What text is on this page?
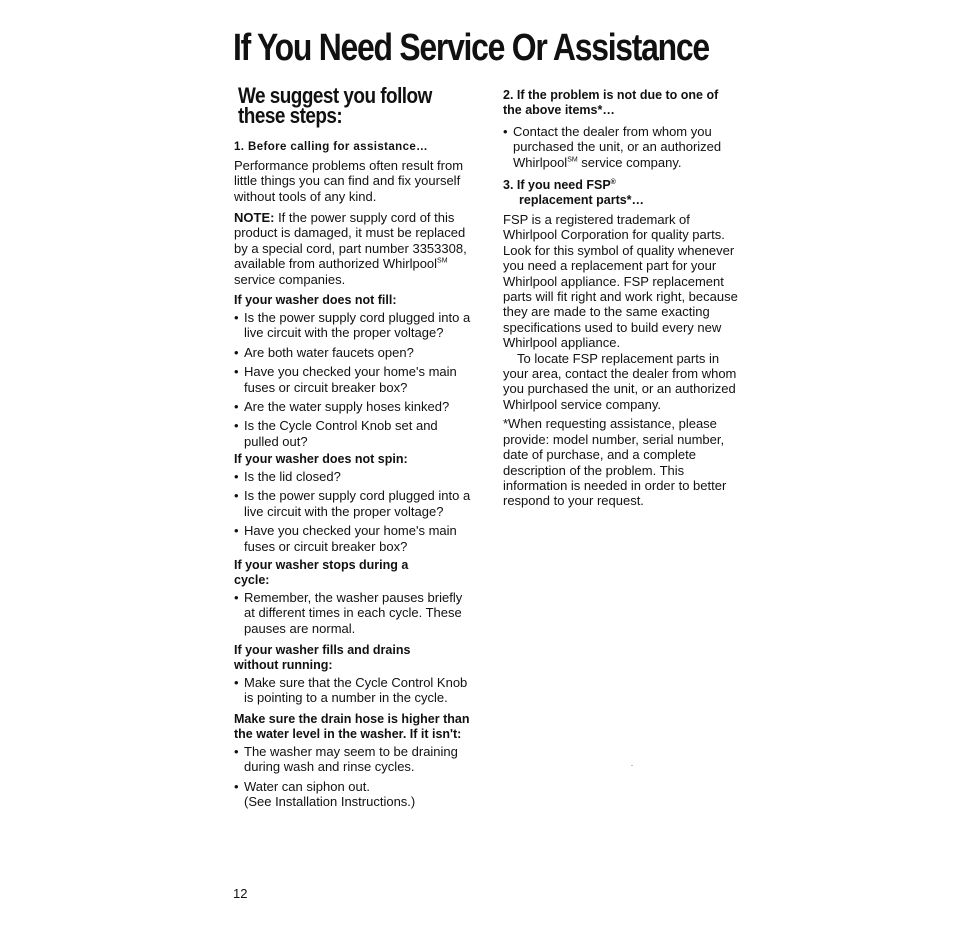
If You Need Service Or Assistance
We suggest you follow these steps:

1. Before calling for assistance…

Performance problems often result from little things you can find and fix yourself without tools of any kind.

NOTE: If the power supply cord of this product is damaged, it must be replaced by a special cord, part number 3353308, available from authorized Whirlpool℠ service companies.

If your washer does not fill:

• Is the power supply cord plugged into a live circuit with the proper voltage?
• Are both water faucets open?
• Have you checked your home's main fuses or circuit breaker box?
• Are the water supply hoses kinked?
• Is the Cycle Control Knob set and pulled out?

If your washer does not spin:

• Is the lid closed?
• Is the power supply cord plugged into a live circuit with the proper voltage?
• Have you checked your home's main fuses or circuit breaker box?

If your washer stops during a cycle:

• Remember, the washer pauses briefly at different times in each cycle. These pauses are normal.

If your washer fills and drains without running:

• Make sure that the Cycle Control Knob is pointing to a number in the cycle.

Make sure the drain hose is higher than the water level in the washer. If it isn't:

• The washer may seem to be draining during wash and rinse cycles.
• Water can siphon out.

(See Installation Instructions.)

2. If the problem is not due to one of the above items*…

• Contact the dealer from whom you purchased the unit, or an authorized Whirlpool℠ service company.

3. If you need FSP®
replacement parts*…

FSP is a registered trademark of Whirlpool Corporation for quality parts. Look for this symbol of quality whenever you need a replacement part for your Whirlpool appliance. FSP replacement parts will fit right and work right, because they are made to the same exacting specifications used to build every new Whirlpool appliance.

To locate FSP replacement parts in your area, contact the dealer from whom you purchased the unit, or an authorized Whirlpool service company.

*When requesting assistance, please provide: model number, serial number, date of purchase, and a complete description of the problem. This information is needed in order to better respond to your request.

12
